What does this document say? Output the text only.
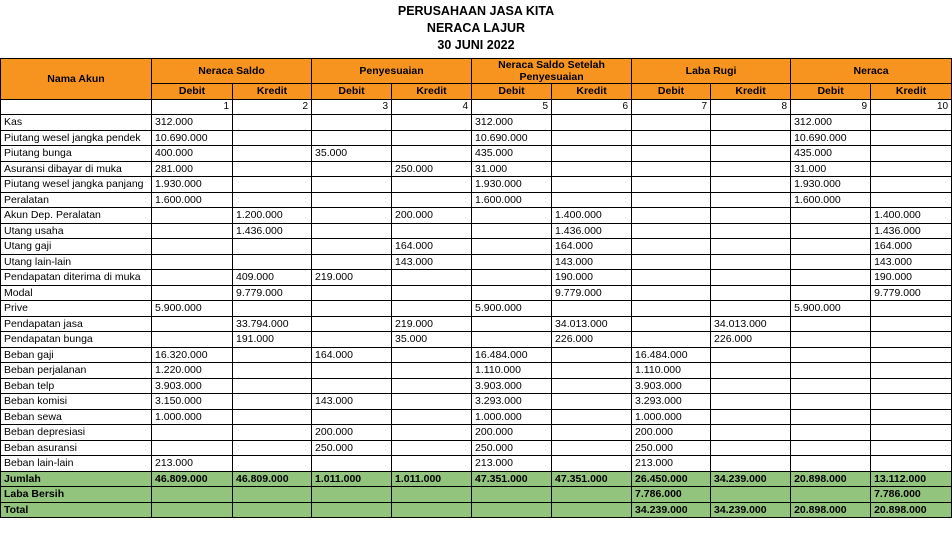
PERUSAHAAN JASA KITA
NERACA LAJUR
30 JUNI 2022
Nama Akun	Neraca Saldo		Penyesuaian		Neraca Saldo Setelah Penyesuaian		Laba Rugi		Neraca	
	Debit	Kredit	Debit	Kredit	Debit	Kredit	Debit	Kredit	Debit	Kredit
	1	2	3	4	5	6	7	8	9	10
Kas	312.000				312.000				312.000	
Piutang wesel jangka pendek	10.690.000				10.690.000				10.690.000	
Piutang bunga	400.000		35.000		435.000				435.000	
Asuransi dibayar di muka	281.000			250.000	31.000				31.000	
Piutang wesel jangka panjang	1.930.000				1.930.000				1.930.000	
Peralatan	1.600.000				1.600.000				1.600.000	
Akun Dep. Peralatan		1.200.000		200.000		1.400.000				1.400.000
Utang usaha		1.436.000				1.436.000				1.436.000
Utang gaji				164.000		164.000				164.000
Utang lain-lain				143.000		143.000				143.000
Pendapatan diterima di muka		409.000	219.000			190.000				190.000
Modal		9.779.000				9.779.000				9.779.000
Prive	5.900.000				5.900.000				5.900.000	
Pendapatan jasa		33.794.000		219.000		34.013.000		34.013.000		
Pendapatan bunga		191.000		35.000		226.000		226.000		
Beban gaji	16.320.000		164.000		16.484.000		16.484.000			
Beban perjalanan	1.220.000				1.110.000		1.110.000			
Beban telp	3.903.000				3.903.000		3.903.000			
Beban komisi	3.150.000		143.000		3.293.000		3.293.000			
Beban sewa	1.000.000				1.000.000		1.000.000			
Beban depresiasi			200.000		200.000		200.000			
Beban asuransi			250.000		250.000		250.000			
Beban lain-lain	213.000				213.000		213.000			
Jumlah	46.809.000	46.809.000	1.011.000	1.011.000	47.351.000	47.351.000	26.450.000	34.239.000	20.898.000	13.112.000
Laba Bersih							7.786.000			7.786.000
Total							34.239.000	34.239.000	20.898.000	20.898.000
